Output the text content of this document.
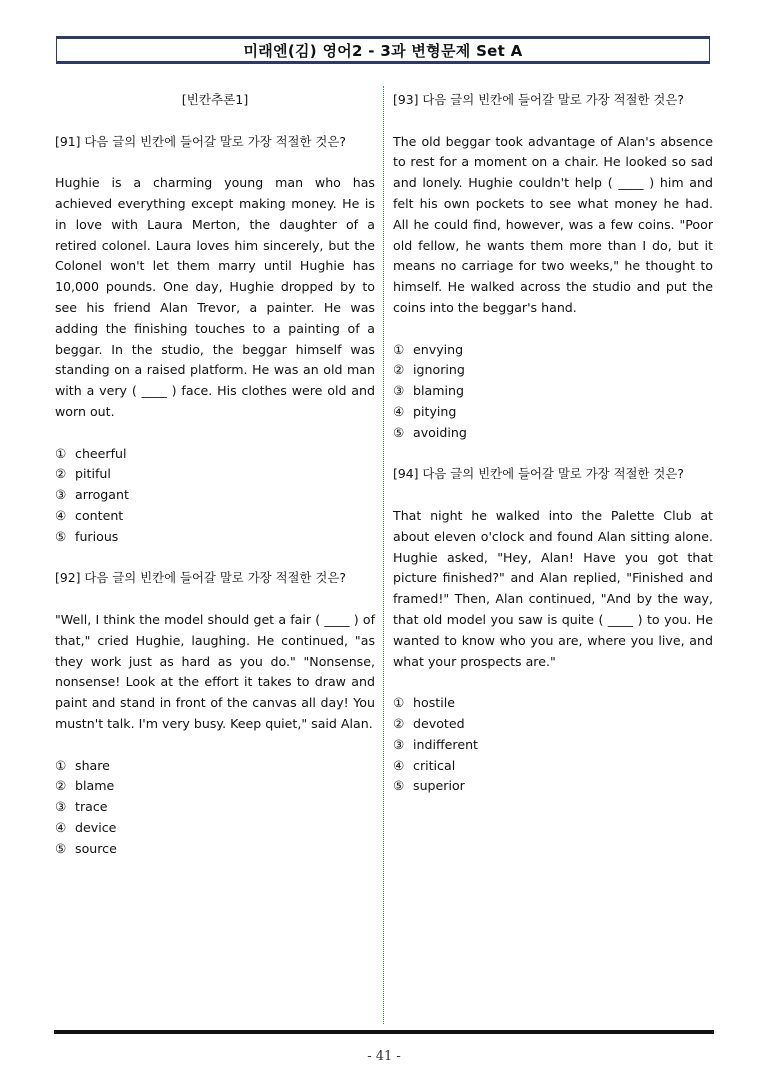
미래엔(김) 영어2 - 3과 변형문제 Set A

[빈칸추론1]

[91] 다음 글의 빈칸에 들어갈 말로 가장 적절한 것은?

Hughie is a charming young man who has achieved everything except making money. He is in love with Laura Merton, the daughter of a retired colonel. Laura loves him sincerely, but the Colonel won't let them marry until Hughie has 10,000 pounds. One day, Hughie dropped by to see his friend Alan Trevor, a painter. He was adding the finishing touches to a painting of a beggar. In the studio, the beggar himself was standing on a raised platform. He was an old man with a very ( ____ ) face. His clothes were old and worn out.

①
cheerful
②
pitiful
③
arrogant
④
content
⑤
furious

[92] 다음 글의 빈칸에 들어갈 말로 가장 적절한 것은?

"Well, I think the model should get a fair ( ____ ) of that," cried Hughie, laughing. He continued, "as they work just as hard as you do." "Nonsense, nonsense! Look at the effort it takes to draw and paint and stand in front of the canvas all day! You mustn't talk. I'm very busy. Keep quiet," said Alan.

①
share
②
blame
③
trace
④
device
⑤
source

[93] 다음 글의 빈칸에 들어갈 말로 가장 적절한 것은?

The old beggar took advantage of Alan's absence to rest for a moment on a chair. He looked so sad and lonely. Hughie couldn't help ( ____ ) him and felt his own pockets to see what money he had. All he could find, however, was a few coins. "Poor old fellow, he wants them more than I do, but it means no carriage for two weeks," he thought to himself. He walked across the studio and put the coins into the beggar's hand.

①
envying
②
ignoring
③
blaming
④
pitying
⑤
avoiding

[94] 다음 글의 빈칸에 들어갈 말로 가장 적절한 것은?

That night he walked into the Palette Club at about eleven o'clock and found Alan sitting alone. Hughie asked, "Hey, Alan! Have you got that picture finished?" and Alan replied, "Finished and framed!" Then, Alan continued, "And by the way, that old model you saw is quite ( ____ ) to you. He wanted to know who you are, where you live, and what your prospects are."

①
hostile
②
devoted
③
indifferent
④
critical
⑤
superior
- 41 -
